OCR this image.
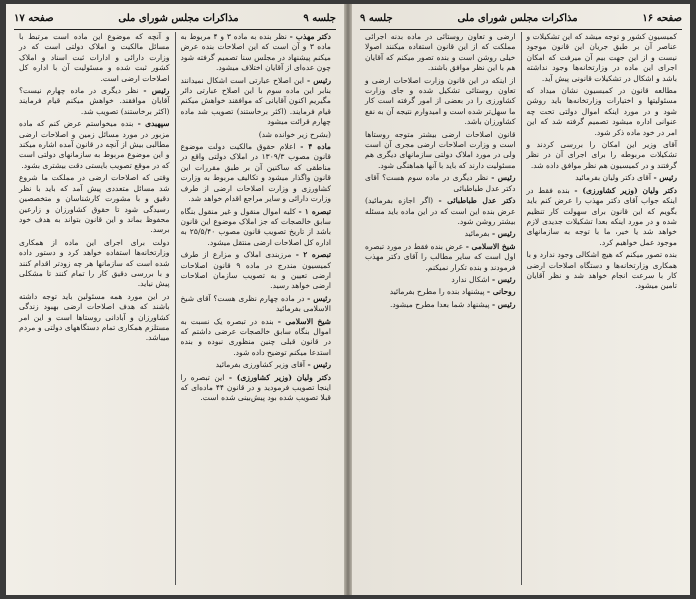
جلسه ۹
مذاکرات مجلس شورای ملی
صفحه ۱۷

دکتر مهذب - نظر بنده به ماده ۳ و ۴ مربوط به ماده ۳ و آن است که این اصلاحات بنده عرض میکنم پیشنهاد در مجلس سنا تصمیم گرفته شود چون عده‌ای از آقایان اختلاف میشود.

رئیس - این اصلاح عبارتی است اشکال نمیدانند بنابر این ماده سوم با این اصلاح عبارتی دائر مگیریم اکنون آقایانی که موافقند خواهش میکنم قیام فرمایند. (اکثر برخاستند) تصویب شد ماده چهارم قرائت میشود

(بشرح زیر خوانده شد)

ماده ۴ - اعلام حقوق مالکیت دولت موضوع قانون مصوب ۱۳۰۹/۳ در املاک دولتی واقع در مناطقی که ساکنین آن بر طبق مقررات این قانون واگذار میشود و تکالیف مربوط به وزارت کشاورزی و وزارت اصلاحات ارضی از طرف وزارت دارائی و سایر مراجع اقدام خواهد شد.

تبصره ۱ - کلیه اموال منقول و غیر منقول بنگاه سابق خالصجات که جز املاک موضوع این قانون باشد از تاریخ تصویب قانون مصوب ۲۵/۵/۴۰ به اداره کل اصلاحات ارضی منتقل میشود.

تبصره ۲ - مرزبندی املاک و مزارع از طرف کمیسیون مندرج در ماده ۹ قانون اصلاحات ارضی تعیین و به تصویب سازمان اصلاحات ارضی خواهد رسید.

رئیس - در ماده چهارم نظری هست؟ آقای شیخ الاسلامی بفرمائید

شیخ الاسلامی - بنده در تبصره یک نسبت به اموال بنگاه سابق خالصجات عرضی داشتم که در قانون قبلی چنین منظوری نبوده و بنده استدعا میکنم توضیح داده شود.

رئیس - آقای وزیر کشاورزی بفرمائید

دکتر ولیان (وزیر کشاورزی) - این تبصره را اینجا تصویب فرمودید و در قانون ۴۴ ماده‌ای که قبلا تصویب شده بود پیش‌بینی شده است.

و آنچه که موضوع این ماده است مرتبط با مسائل مالکیت و املاک دولتی است که در وزارت دارائی و ادارات ثبت اسناد و املاک کشور ثبت شده و مسئولیت آن با اداره کل اصلاحات ارضی است.

رئیس - نظر دیگری در ماده چهارم نیست؟ آقایان موافقند. خواهش میکنم قیام فرمایند (اکثر برخاستند) تصویب شد.

سپهبدی - بنده میخواستم عرض کنم که ماده مزبور در مورد مسائل زمین و اصلاحات ارضی مطالبی بیش از آنچه در قانون آمده اشاره میکند و این موضوع مربوط به سازمانهای دولتی است که در موقع تصویب بایستی دقت بیشتری بشود.

وقتی که اصلاحات ارضی در مملکت ما شروع شد مسائل متعددی پیش آمد که باید با نظر دقیق و با مشورت کارشناسان و متخصصین رسیدگی شود تا حقوق کشاورزان و زارعین محفوظ بماند و این قانون بتواند به هدف خود برسد.

دولت برای اجرای این ماده از همکاری وزارتخانه‌ها استفاده خواهد کرد و دستور داده شده است که سازمانها هر چه زودتر اقدام کنند و با بررسی دقیق کار را تمام کنند تا مشکلی پیش نیاید.

در این مورد همه مسئولین باید توجه داشته باشند که هدف اصلاحات ارضی بهبود زندگی کشاورزان و آبادانی روستاها است و این امر مستلزم همکاری تمام دستگاههای دولتی و مردم میباشد.

صفحه ۱۶
مذاکرات مجلس شورای ملی
جلسه ۹

کمیسیون کشور و توجه میشد که این تشکیلات و عناصر آن بر طبق جریان این قانون موجود نیست و از این جهت بیم آن میرفت که امکان اجرای این ماده در وزارتخانه‌ها وجود نداشته باشد و اشکال در تشکیلات قانونی پیش آید.

مطالعه قانون در کمیسیون نشان میداد که مسئولیتها و اختیارات وزارتخانه‌ها باید روشن شود و در مورد اینکه اموال دولتی تحت چه عنوانی اداره میشود تصمیم گرفته شد که این امر در خود ماده ذکر شود.

آقای وزیر این امکان را بررسی کردند و تشکیلات مربوطه را برای اجرای آن در نظر گرفتند و در کمیسیون هم نظر موافق داده شد.

رئیس - آقای دکتر ولیان بفرمائید

دکتر ولیان (وزیر کشاورزی) - بنده فقط در اینکه جواب آقای دکتر مهذب را عرض کنم باید بگویم که این قانون برای سهولت کار تنظیم شده و در مورد اینکه بعدا تشکیلات جدیدی لازم خواهد شد یا خیر، ما با توجه به سازمانهای موجود عمل خواهیم کرد.

بنده تصور میکنم که هیچ اشکالی وجود ندارد و با همکاری وزارتخانه‌ها و دستگاه اصلاحات ارضی کار با سرعت انجام خواهد شد و نظر آقایان تامین میشود.

ارضی و تعاون روستائی در ماده بدنه اجرائی مملکت که از این قانون استفاده میکنند اصولا خیلی روشن است و بنده تصور میکنم که آقایان هم با این نظر موافق باشند.

از اینکه در این قانون وزارت اصلاحات ارضی و تعاون روستائی تشکیل شده و جای وزارت کشاورزی را در بعضی از امور گرفته است کار ما سهل‌تر شده است و امیدوارم نتیجه آن به نفع کشاورزان باشد.

قانون اصلاحات ارضی بیشتر متوجه روستاها است و وزارت اصلاحات ارضی مجری آن است ولی در مورد املاک دولتی سازمانهای دیگری هم مسئولیت دارند که باید با آنها هماهنگی شود.

رئیس - نظر دیگری در ماده سوم هست؟ آقای دکتر عدل طباطبائی

دکتر عدل طباطبائی - (اگر اجازه بفرمائید) عرض بنده این است که در این ماده باید مسئله بیشتر روشن شود.

رئیس - بفرمائید

شیخ الاسلامی - عرض بنده فقط در مورد تبصره اول است که سایر مطالب را آقای دکتر مهذب فرمودند و بنده تکرار نمیکنم.

رئیس - اشکال ندارد

روحانی - پیشنهاد بنده را مطرح بفرمائید

رئیس - پیشنهاد شما بعدا مطرح میشود.
